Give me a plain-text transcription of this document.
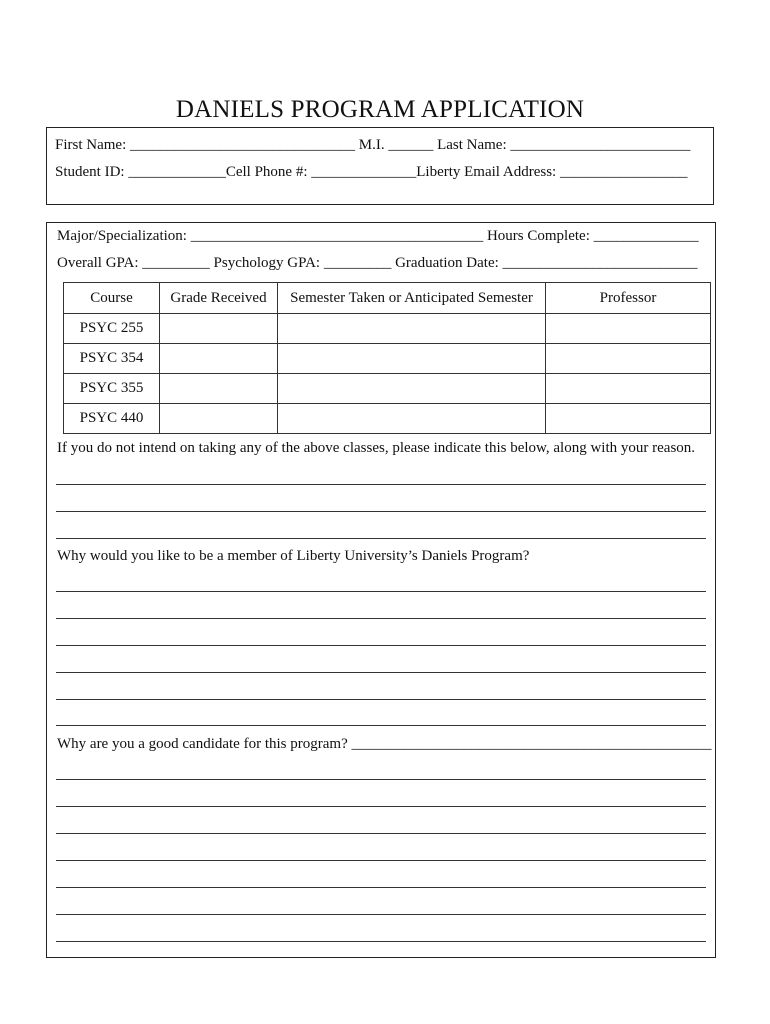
DANIELS PROGRAM APPLICATION
First Name: ______________________________ M.I. ______ Last Name: ________________________
Student ID: _____________Cell Phone #: ______________Liberty Email Address: _________________
Major/Specialization: _______________________________________ Hours Complete: ______________
Overall GPA: _________ Psychology GPA: _________ Graduation Date: __________________________
Course	Grade Received	Semester Taken or Anticipated Semester	Professor
PSYC 255			
PSYC 354			
PSYC 355			
PSYC 440			
If you do not intend on taking any of the above classes, please indicate this below, along with your reason.
Why would you like to be a member of Liberty University’s Daniels Program?
Why are you a good candidate for this program? ________________________________________________
